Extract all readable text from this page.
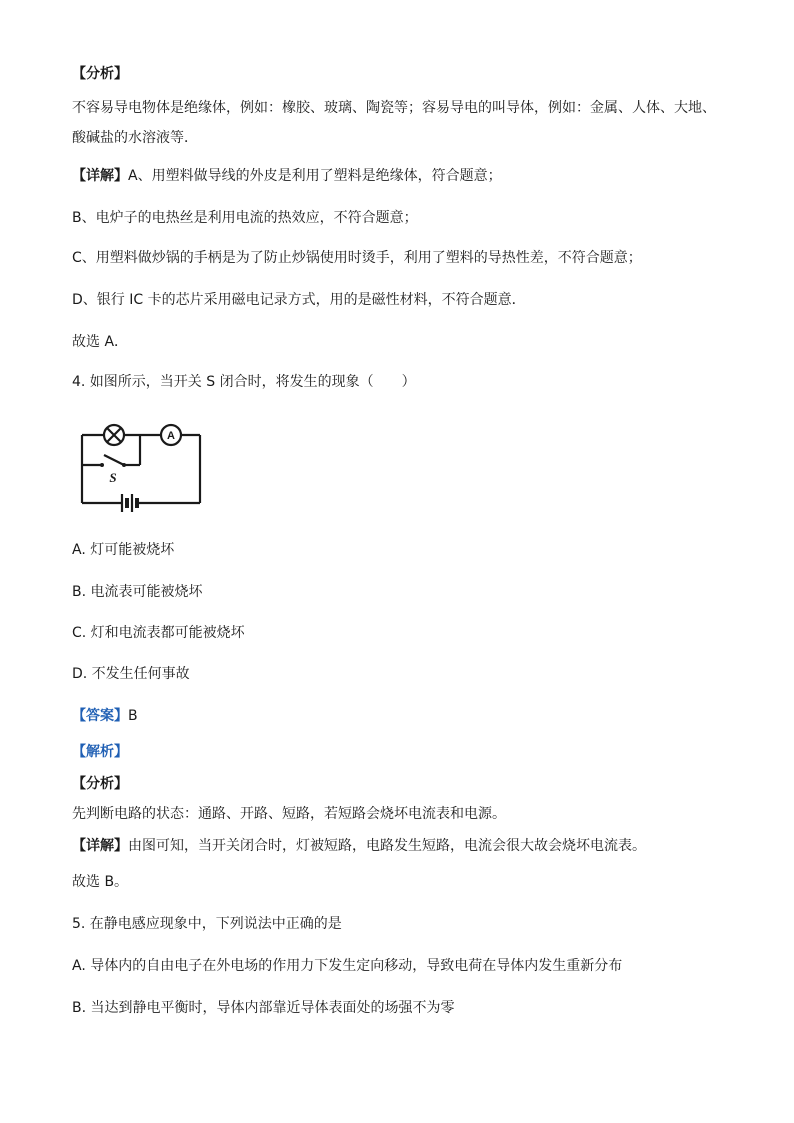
【分析】
不容易导电物体是绝缘体，例如：橡胶、玻璃、陶瓷等；容易导电的叫导体，例如：金属、人体、大地、
酸碱盐的水溶液等．
【详解】A、用塑料做导线的外皮是利用了塑料是绝缘体，符合题意；
B、电炉子的电热丝是利用电流的热效应，不符合题意；
C、用塑料做炒锅的手柄是为了防止炒锅使用时烫手，利用了塑料的导热性差，不符合题意；
D、银行 IC 卡的芯片采用磁电记录方式，用的是磁性材料，不符合题意．
故选 A．
4. 如图所示，当开关 S 闭合时，将发生的现象（　　）
A
S
A. 灯可能被烧坏
B. 电流表可能被烧坏
C. 灯和电流表都可能被烧坏
D. 不发生任何事故
【答案】B
【解析】
【分析】
先判断电路的状态：通路、开路、短路，若短路会烧坏电流表和电源。
【详解】由图可知，当开关闭合时，灯被短路，电路发生短路，电流会很大故会烧坏电流表。
故选 B。
5. 在静电感应现象中，下列说法中正确的是
A. 导体内的自由电子在外电场的作用力下发生定向移动，导致电荷在导体内发生重新分布
B. 当达到静电平衡时，导体内部靠近导体表面处的场强不为零
